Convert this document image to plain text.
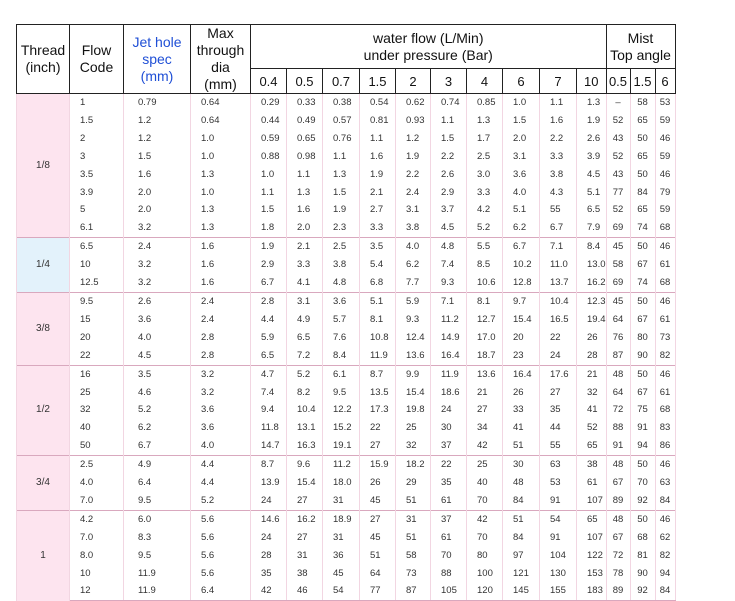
Thread
(inch)	Flow
Code	Jet hole
spec
(mm)	Max
through
dia
(mm)	water flow (L/Min)
under pressure (Bar)										Mist
Top angle		
				0.4	0.5	0.7	1.5	2	3	4	6	7	10	0.5	1.5	6
1/8	1	0.79	0.64	0.29	0.33	0.38	0.54	0.62	0.74	0.85	1.0	1.1	1.3	–	58	53
	1.5	1.2	0.64	0.44	0.49	0.57	0.81	0.93	1.1	1.3	1.5	1.6	1.9	52	65	59
	2	1.2	1.0	0.59	0.65	0.76	1.1	1.2	1.5	1.7	2.0	2.2	2.6	43	50	46
	3	1.5	1.0	0.88	0.98	1.1	1.6	1.9	2.2	2.5	3.1	3.3	3.9	52	65	59
	3.5	1.6	1.3	1.0	1.1	1.3	1.9	2.2	2.6	3.0	3.6	3.8	4.5	43	50	46
	3.9	2.0	1.0	1.1	1.3	1.5	2.1	2.4	2.9	3.3	4.0	4.3	5.1	77	84	79
	5	2.0	1.3	1.5	1.6	1.9	2.7	3.1	3.7	4.2	5.1	55	6.5	52	65	59
	6.1	3.2	1.3	1.8	2.0	2.3	3.3	3.8	4.5	5.2	6.2	6.7	7.9	69	74	68
1/4	6.5	2.4	1.6	1.9	2.1	2.5	3.5	4.0	4.8	5.5	6.7	7.1	8.4	45	50	46
	10	3.2	1.6	2.9	3.3	3.8	5.4	6.2	7.4	8.5	10.2	11.0	13.0	58	67	61
	12.5	3.2	1.6	6.7	4.1	4.8	6.8	7.7	9.3	10.6	12.8	13.7	16.2	69	74	68
3/8	9.5	2.6	2.4	2.8	3.1	3.6	5.1	5.9	7.1	8.1	9.7	10.4	12.3	45	50	46
	15	3.6	2.4	4.4	4.9	5.7	8.1	9.3	11.2	12.7	15.4	16.5	19.4	64	67	61
	20	4.0	2.8	5.9	6.5	7.6	10.8	12.4	14.9	17.0	20	22	26	76	80	73
	22	4.5	2.8	6.5	7.2	8.4	11.9	13.6	16.4	18.7	23	24	28	87	90	82
1/2	16	3.5	3.2	4.7	5.2	6.1	8.7	9.9	11.9	13.6	16.4	17.6	21	48	50	46
	25	4.6	3.2	7.4	8.2	9.5	13.5	15.4	18.6	21	26	27	32	64	67	61
	32	5.2	3.6	9.4	10.4	12.2	17.3	19.8	24	27	33	35	41	72	75	68
	40	6.2	3.6	11.8	13.1	15.2	22	25	30	34	41	44	52	88	91	83
	50	6.7	4.0	14.7	16.3	19.1	27	32	37	42	51	55	65	91	94	86
3/4	2.5	4.9	4.4	8.7	9.6	11.2	15.9	18.2	22	25	30	63	38	48	50	46
	4.0	6.4	4.4	13.9	15.4	18.0	26	29	35	40	48	53	61	67	70	63
	7.0	9.5	5.2	24	27	31	45	51	61	70	84	91	107	89	92	84
1	4.2	6.0	5.6	14.6	16.2	18.9	27	31	37	42	51	54	65	48	50	46
	7.0	8.3	5.6	24	27	31	45	51	61	70	84	91	107	67	68	62
	8.0	9.5	5.6	28	31	36	51	58	70	80	97	104	122	72	81	82
	10	11.9	5.6	35	38	45	64	73	88	100	121	130	153	78	90	94
	12	11.9	6.4	42	46	54	77	87	105	120	145	155	183	89	92	84
